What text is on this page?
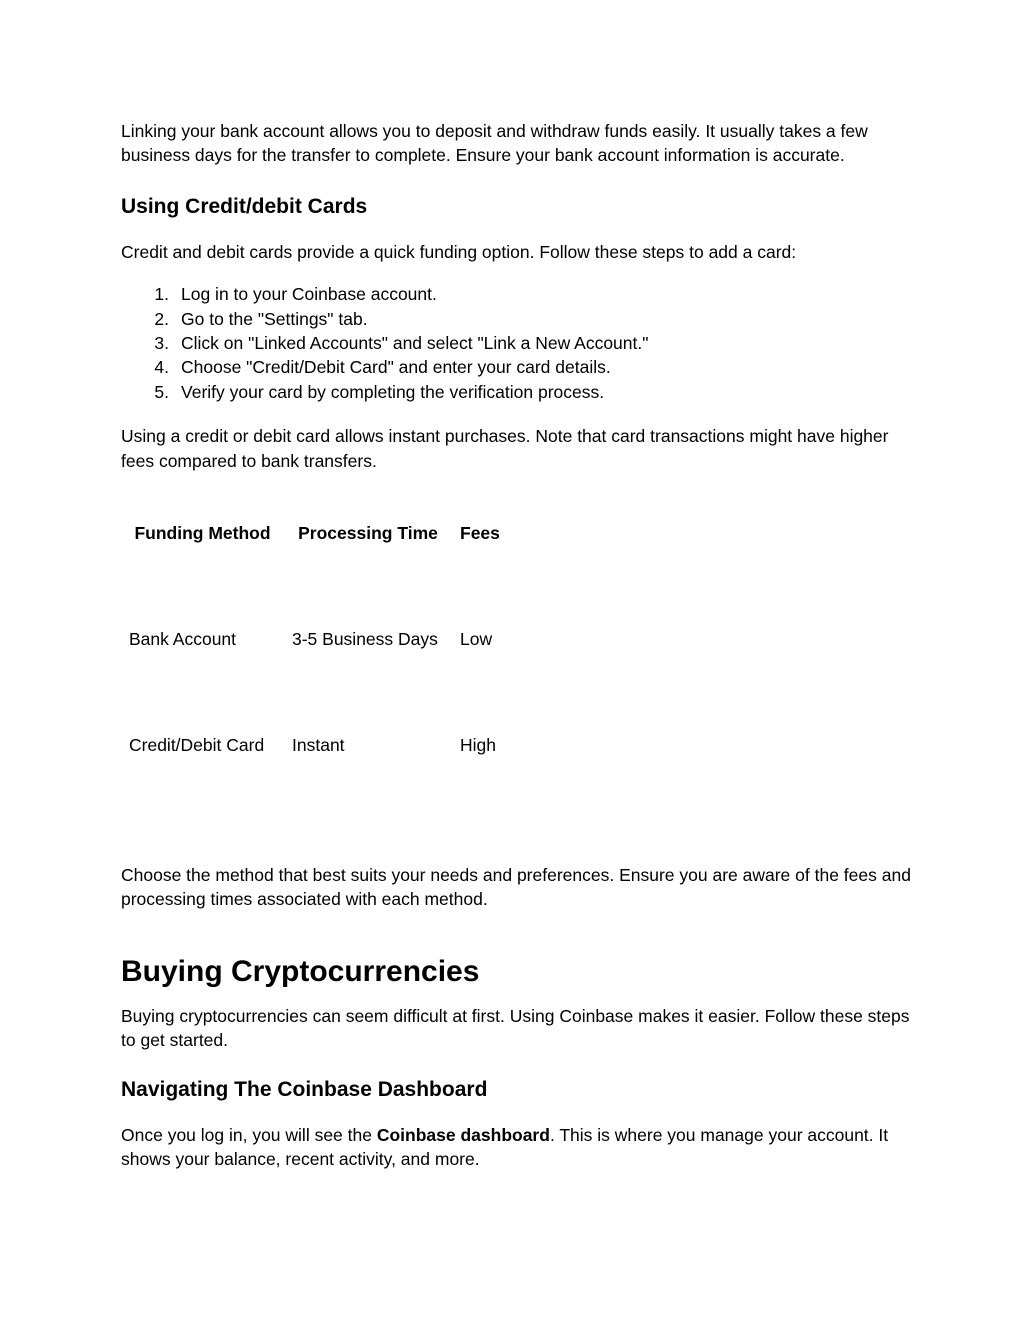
Linking your bank account allows you to deposit and withdraw funds easily. It usually takes a few business days for the transfer to complete. Ensure your bank account information is accurate.

Using Credit/debit Cards

Credit and debit cards provide a quick funding option. Follow these steps to add a card:

1. Log in to your Coinbase account.
2. Go to the "Settings" tab.
3. Click on "Linked Accounts" and select "Link a New Account."
4. Choose "Credit/Debit Card" and enter your card details.
5. Verify your card by completing the verification process.

Using a credit or debit card allows instant purchases. Note that card transactions might have higher fees compared to bank transfers.

Funding Method	Processing Time	Fees
Bank Account	3-5 Business Days	Low
Credit/Debit Card	Instant	High

Choose the method that best suits your needs and preferences. Ensure you are aware of the fees and processing times associated with each method.

Buying Cryptocurrencies

Buying cryptocurrencies can seem difficult at first. Using Coinbase makes it easier. Follow these steps to get started.

Navigating The Coinbase Dashboard

Once you log in, you will see the Coinbase dashboard. This is where you manage your account. It shows your balance, recent activity, and more.
